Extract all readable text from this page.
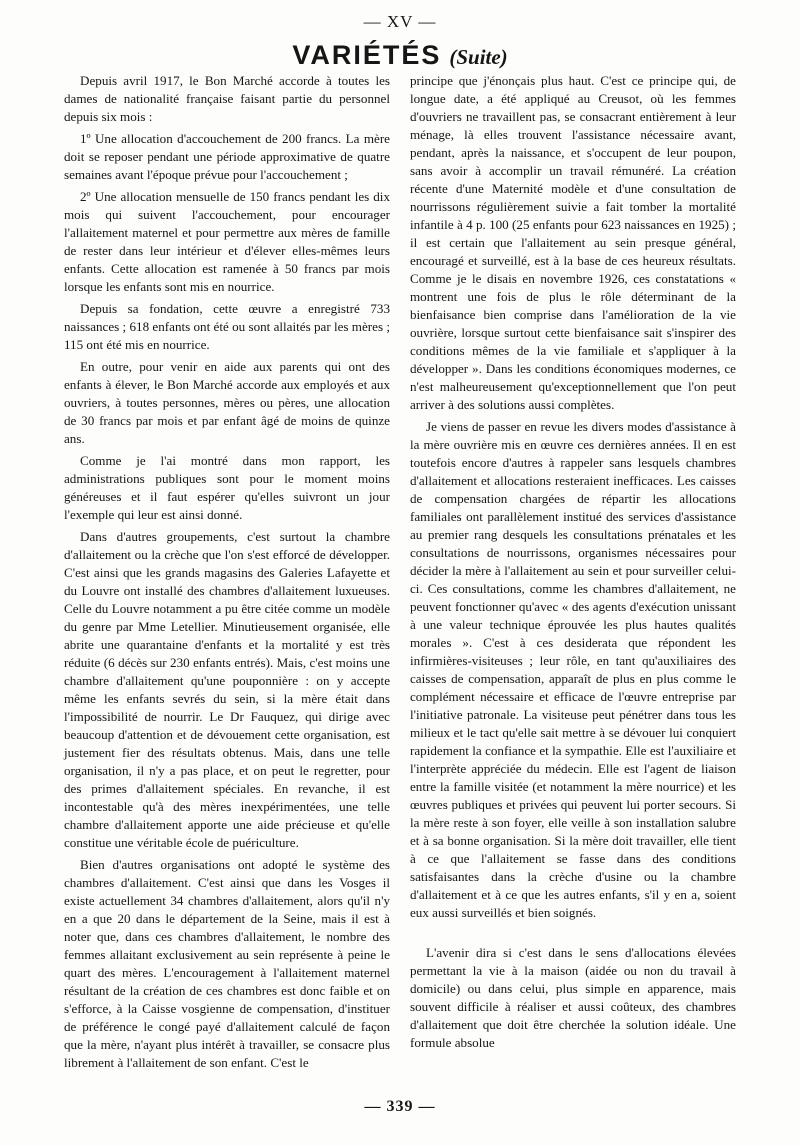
— XV —
VARIÉTÉS (Suite)

Depuis avril 1917, le Bon Marché accorde à toutes les dames de nationalité française faisant partie du personnel depuis six mois :

1º Une allocation d'accouchement de 200 francs. La mère doit se reposer pendant une période approximative de quatre semaines avant l'époque prévue pour l'accouchement ;

2º Une allocation mensuelle de 150 francs pendant les dix mois qui suivent l'accouchement, pour encourager l'allaitement maternel et pour permettre aux mères de famille de rester dans leur intérieur et d'élever elles-mêmes leurs enfants. Cette allocation est ramenée à 50 francs par mois lorsque les enfants sont mis en nourrice.

Depuis sa fondation, cette œuvre a enregistré 733 naissances ; 618 enfants ont été ou sont allaités par les mères ; 115 ont été mis en nourrice.

En outre, pour venir en aide aux parents qui ont des enfants à élever, le Bon Marché accorde aux employés et aux ouvriers, à toutes personnes, mères ou pères, une allocation de 30 francs par mois et par enfant âgé de moins de quinze ans.

Comme je l'ai montré dans mon rapport, les administrations publiques sont pour le moment moins généreuses et il faut espérer qu'elles suivront un jour l'exemple qui leur est ainsi donné.

Dans d'autres groupements, c'est surtout la chambre d'allaitement ou la crèche que l'on s'est efforcé de développer. C'est ainsi que les grands magasins des Galeries Lafayette et du Louvre ont installé des chambres d'allaitement luxueuses. Celle du Louvre notamment a pu être citée comme un modèle du genre par Mme Letellier. Minutieusement organisée, elle abrite une quarantaine d'enfants et la mortalité y est très réduite (6 décès sur 230 enfants entrés). Mais, c'est moins une chambre d'allaitement qu'une pouponnière : on y accepte même les enfants sevrés du sein, si la mère était dans l'impossibilité de nourrir. Le Dr Fauquez, qui dirige avec beaucoup d'attention et de dévouement cette organisation, est justement fier des résultats obtenus. Mais, dans une telle organisation, il n'y a pas place, et on peut le regretter, pour des primes d'allaitement spéciales. En revanche, il est incontestable qu'à des mères inexpérimentées, une telle chambre d'allaitement apporte une aide précieuse et qu'elle constitue une véritable école de puériculture.

Bien d'autres organisations ont adopté le système des chambres d'allaitement. C'est ainsi que dans les Vosges il existe actuellement 34 chambres d'allaitement, alors qu'il n'y en a que 20 dans le département de la Seine, mais il est à noter que, dans ces chambres d'allaitement, le nombre des femmes allaitant exclusivement au sein représente à peine le quart des mères. L'encouragement à l'allaitement maternel résultant de la création de ces chambres est donc faible et on s'efforce, à la Caisse vosgienne de compensation, d'instituer de préférence le congé payé d'allaitement calculé de façon que la mère, n'ayant plus intérêt à travailler, se consacre plus librement à l'allaitement de son enfant. C'est le

principe que j'énonçais plus haut. C'est ce principe qui, de longue date, a été appliqué au Creusot, où les femmes d'ouvriers ne travaillent pas, se consacrant entièrement à leur ménage, là elles trouvent l'assistance nécessaire avant, pendant, après la naissance, et s'occupent de leur poupon, sans avoir à accomplir un travail rémunéré. La création récente d'une Maternité modèle et d'une consultation de nourrissons régulièrement suivie a fait tomber la mortalité infantile à 4 p. 100 (25 enfants pour 623 naissances en 1925) ; il est certain que l'allaitement au sein presque général, encouragé et surveillé, est à la base de ces heureux résultats. Comme je le disais en novembre 1926, ces constatations « montrent une fois de plus le rôle déterminant de la bienfaisance bien comprise dans l'amélioration de la vie ouvrière, lorsque surtout cette bienfaisance sait s'inspirer des conditions mêmes de la vie familiale et s'appliquer à la développer ». Dans les conditions économiques modernes, ce n'est malheureusement qu'exceptionnellement que l'on peut arriver à des solutions aussi complètes.

Je viens de passer en revue les divers modes d'assistance à la mère ouvrière mis en œuvre ces dernières années. Il en est toutefois encore d'autres à rappeler sans lesquels chambres d'allaitement et allocations resteraient inefficaces. Les caisses de compensation chargées de répartir les allocations familiales ont parallèlement institué des services d'assistance au premier rang desquels les consultations prénatales et les consultations de nourrissons, organismes nécessaires pour décider la mère à l'allaitement au sein et pour surveiller celui-ci. Ces consultations, comme les chambres d'allaitement, ne peuvent fonctionner qu'avec « des agents d'exécution unissant à une valeur technique éprouvée les plus hautes qualités morales ». C'est à ces desiderata que répondent les infirmières-visiteuses ; leur rôle, en tant qu'auxiliaires des caisses de compensation, apparaît de plus en plus comme le complément nécessaire et efficace de l'œuvre entreprise par l'initiative patronale. La visiteuse peut pénétrer dans tous les milieux et le tact qu'elle sait mettre à se dévouer lui conquiert rapidement la confiance et la sympathie. Elle est l'auxiliaire et l'interprète appréciée du médecin. Elle est l'agent de liaison entre la famille visitée (et notamment la mère nourrice) et les œuvres publiques et privées qui peuvent lui porter secours. Si la mère reste à son foyer, elle veille à son installation salubre et à sa bonne organisation. Si la mère doit travailler, elle tient à ce que l'allaitement se fasse dans des conditions satisfaisantes dans la crèche d'usine ou la chambre d'allaitement et à ce que les autres enfants, s'il y en a, soient eux aussi surveillés et bien soignés.

L'avenir dira si c'est dans le sens d'allocations élevées permettant la vie à la maison (aidée ou non du travail à domicile) ou dans celui, plus simple en apparence, mais souvent difficile à réaliser et aussi coûteux, des chambres d'allaitement que doit être cherchée la solution idéale. Une formule absolue

— 339 —
